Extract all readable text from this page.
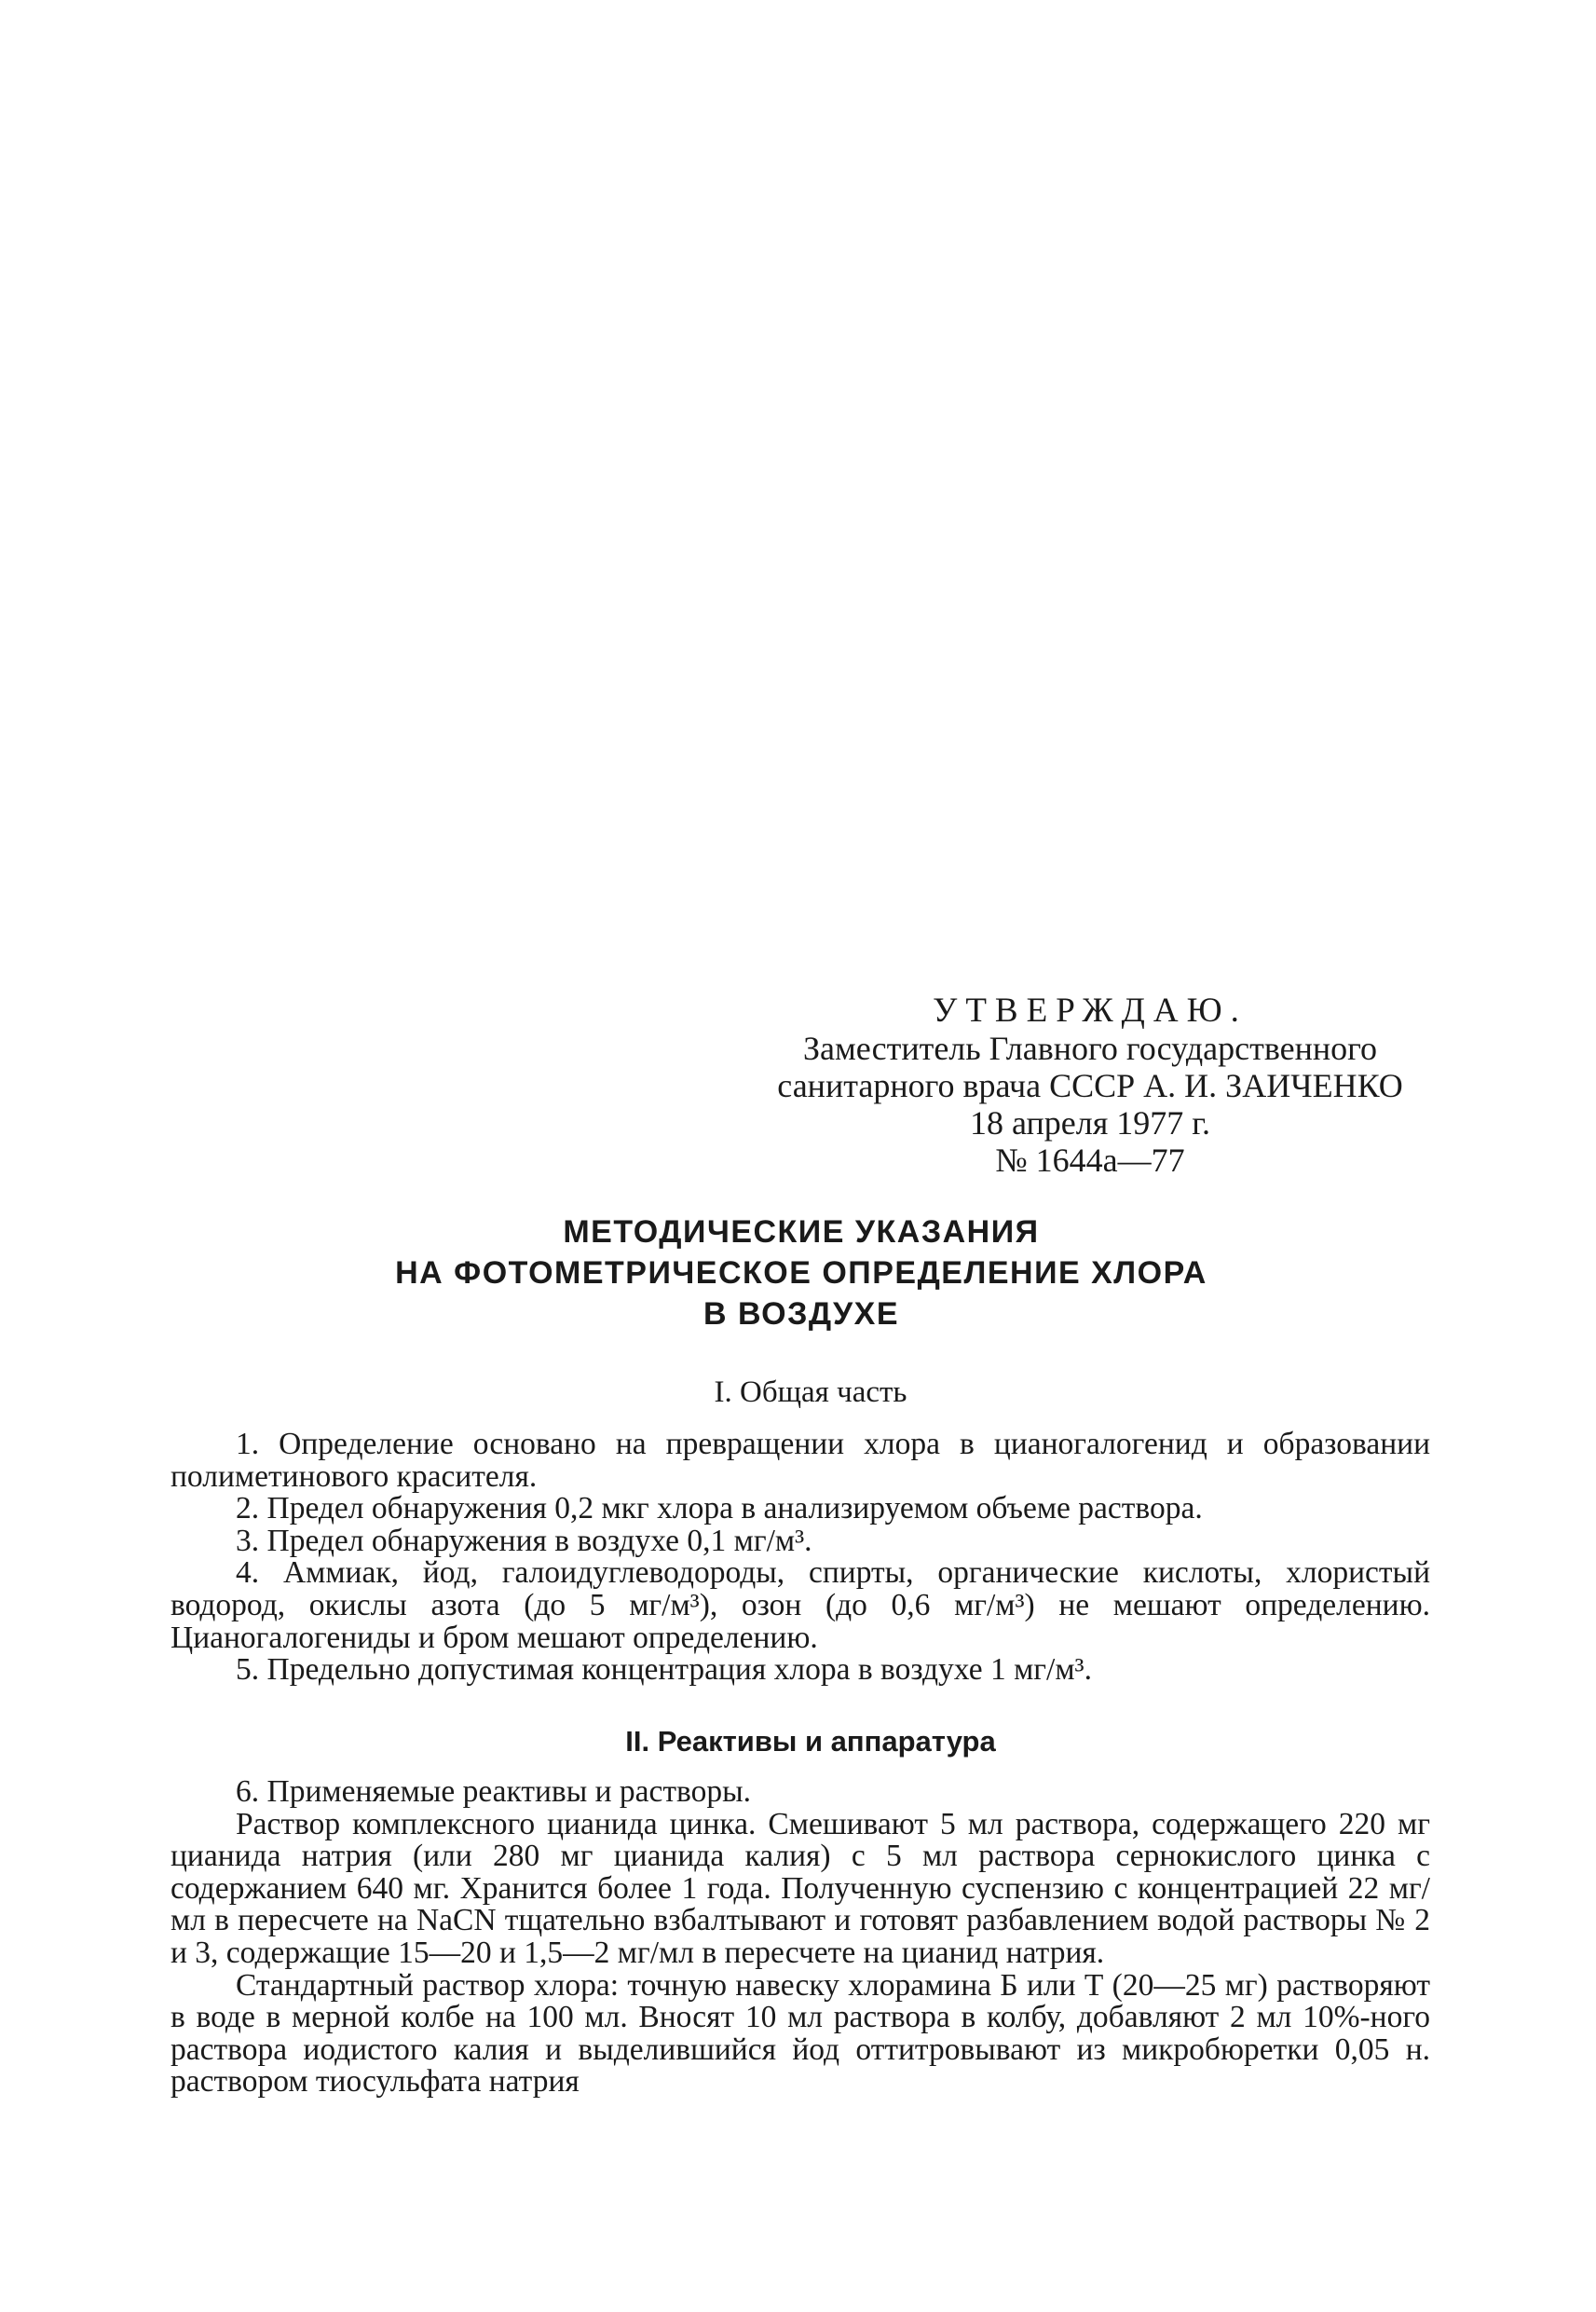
УТВЕРЖДАЮ.
Заместитель Главного государственного
санитарного врача СССР А. И. ЗАИЧЕНКО
18 апреля 1977 г.
№ 1644а—77
МЕТОДИЧЕСКИЕ УКАЗАНИЯ
НА ФОТОМЕТРИЧЕСКОЕ ОПРЕДЕЛЕНИЕ ХЛОРА
В ВОЗДУХЕ
I. Общая часть

1. Определение основано на превращении хлора в цианогалогенид и образовании полиметинового красителя.

2. Предел обнаружения 0,2 мкг хлора в анализируемом объеме раствора.

3. Предел обнаружения в воздухе 0,1 мг/м³.

4. Аммиак, йод, галоидуглеводороды, спирты, органические кислоты, хлористый водород, окислы азота (до 5 мг/м³), озон (до 0,6 мг/м³) не мешают определению. Цианогалогениды и бром мешают определению.

5. Предельно допустимая концентрация хлора в воздухе 1 мг/м³.

II. Реактивы и аппаратура

6. Применяемые реактивы и растворы.

Раствор комплексного цианида цинка. Смешивают 5 мл раствора, содержащего 220 мг цианида натрия (или 280 мг цианида калия) с 5 мл раствора сернокислого цинка с содержанием 640 мг. Хранится более 1 года. Полученную суспензию с концентрацией 22 мг/мл в пересчете на NaCN тщательно взбалтывают и готовят разбавлением водой растворы № 2 и 3, содержащие 15—20 и 1,5—2 мг/мл в пересчете на цианид натрия.

Стандартный раствор хлора: точную навеску хлорамина Б или Т (20—25 мг) растворяют в воде в мерной колбе на 100 мл. Вносят 10 мл раствора в колбу, добавляют 2 мл 10%-ного раствора иодистого калия и выделившийся йод оттитровывают из микробюретки 0,05 н. раствором тиосульфата натрия
